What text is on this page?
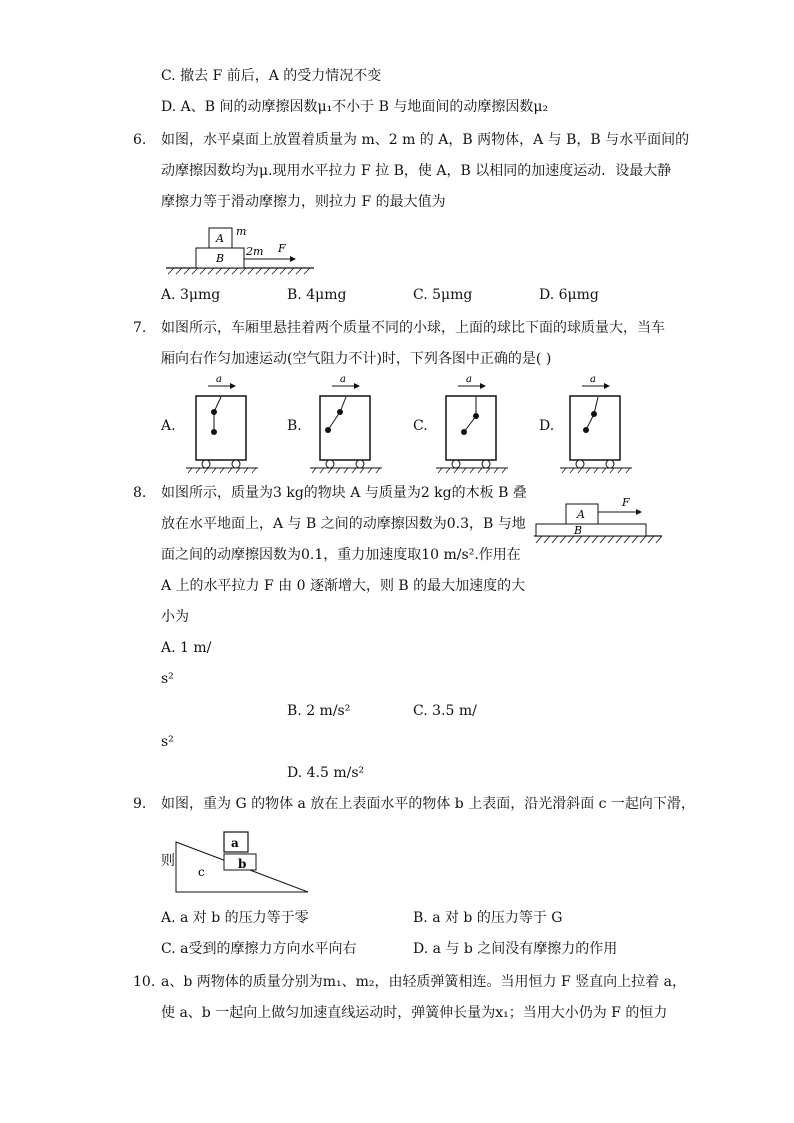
C. 撤去 F 前后，A 的受力情况不变
D. A、B 间的动摩擦因数μ₁不小于 B 与地面间的动摩擦因数μ₂
6. 如图，水平桌面上放置着质量为 m、2 m 的 A，B 两物体，A 与 B，B 与水平面间的
动摩擦因数均为μ.现用水平拉力 F 拉 B，使 A，B 以相同的加速度运动．设最大静
摩擦力等于滑动摩擦力，则拉力 F 的最大值为
A
B
m
2m F
A. 3μmg	B. 4μmg	C. 5μmg	D. 6μmg
7. 如图所示，车厢里悬挂着两个质量不同的小球，上面的球比下面的球质量大，当车
厢向右作匀加速运动(空气阻力不计)时，下列各图中正确的是( )
A.	B.	C.	D.
a	a	a	a
8. 如图所示，质量为3 kg的物块 A 与质量为2 kg的木板 B 叠
放在水平地面上，A 与 B 之间的动摩擦因数为0.3，B 与地
面之间的动摩擦因数为0.1，重力加速度取10 m/s².作用在
A 上的水平拉力 F 由 0 逐渐增大，则 B 的最大加速度的大
小为
A
B
F
A. 1 m/
s²
B. 2 m/s²	C. 3.5 m/
s²
D. 4.5 m/s²
9. 如图，重为 G 的物体 a 放在上表面水平的物体 b 上表面，沿光滑斜面 c 一起向下滑，
则
a
b
c
A. a 对 b 的压力等于零	B. a 对 b 的压力等于 G
C. a受到的摩擦力方向水平向右	D. a 与 b 之间没有摩擦力的作用
10. a、b 两物体的质量分别为m₁、m₂，由轻质弹簧相连。当用恒力 F 竖直向上拉着 a，
使 a、b 一起向上做匀加速直线运动时，弹簧伸长量为x₁；当用大小仍为 F 的恒力
